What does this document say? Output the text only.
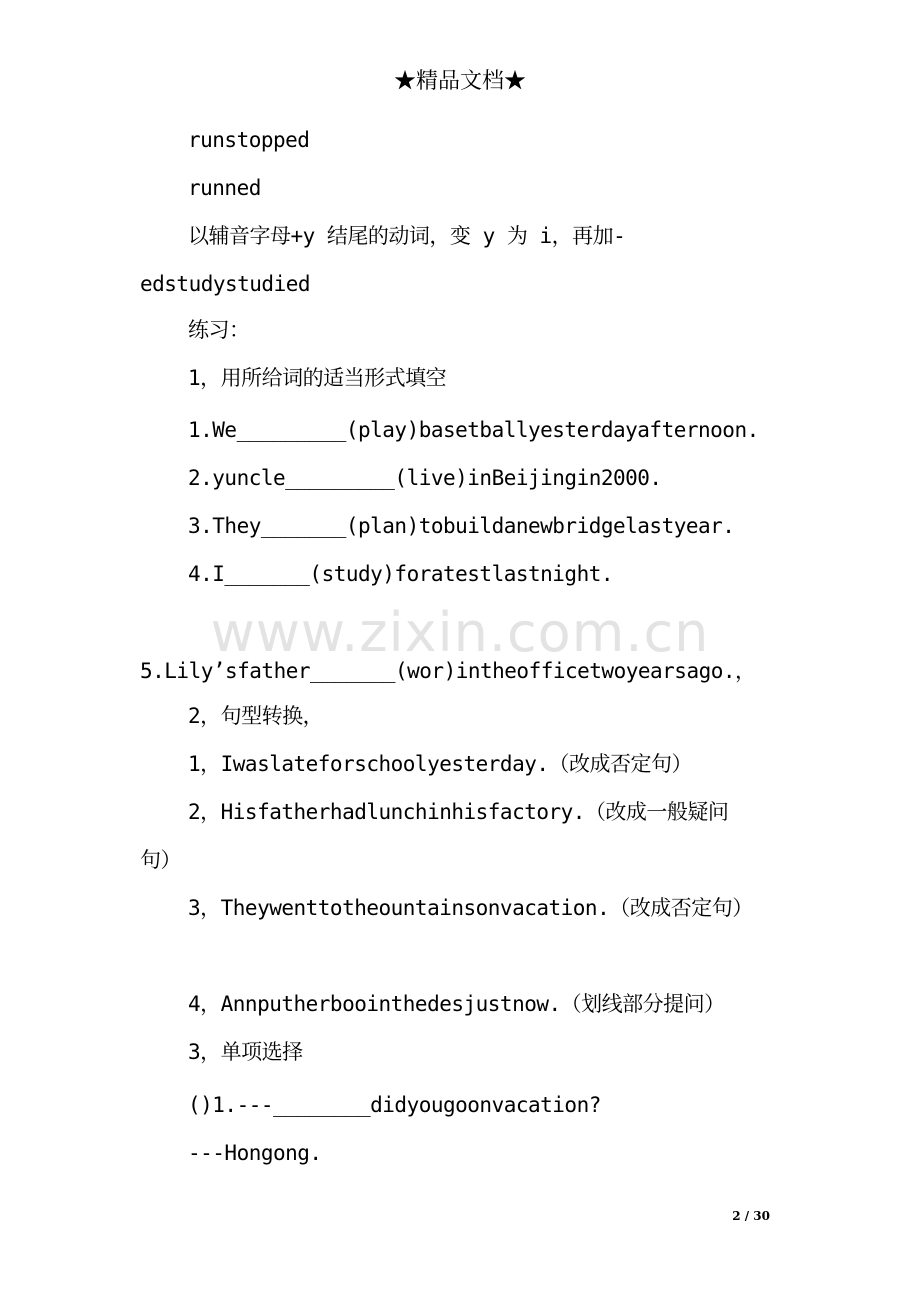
★精品文档★
www.zixin.com.cn
runstopped
runned
以辅音字母+y 结尾的动词，变 y 为 i，再加-
edstudystudied
练习：
1，用所给词的适当形式填空
1.We_________(play)basetballyesterdayafternoon.
2.yuncle_________(live)inBeijingin2000.
3.They_______(plan)tobuildanewbridgelastyear.
4.I_______(study)foratestlastnight.
5.Lily’sfather_______(wor)intheofficetwoyearsago.，
2，句型转换，
1，Iwaslateforschoolyesterday.（改成否定句）
2，Hisfatherhadlunchinhisfactory.（改成一般疑问
句）
3，Theywenttotheountainsonvacation.（改成否定句）
4，Annputherboointhedesjustnow.（划线部分提问）
3，单项选择
()1.---________didyougoonvacation?
---Hongong.
2 / 30
